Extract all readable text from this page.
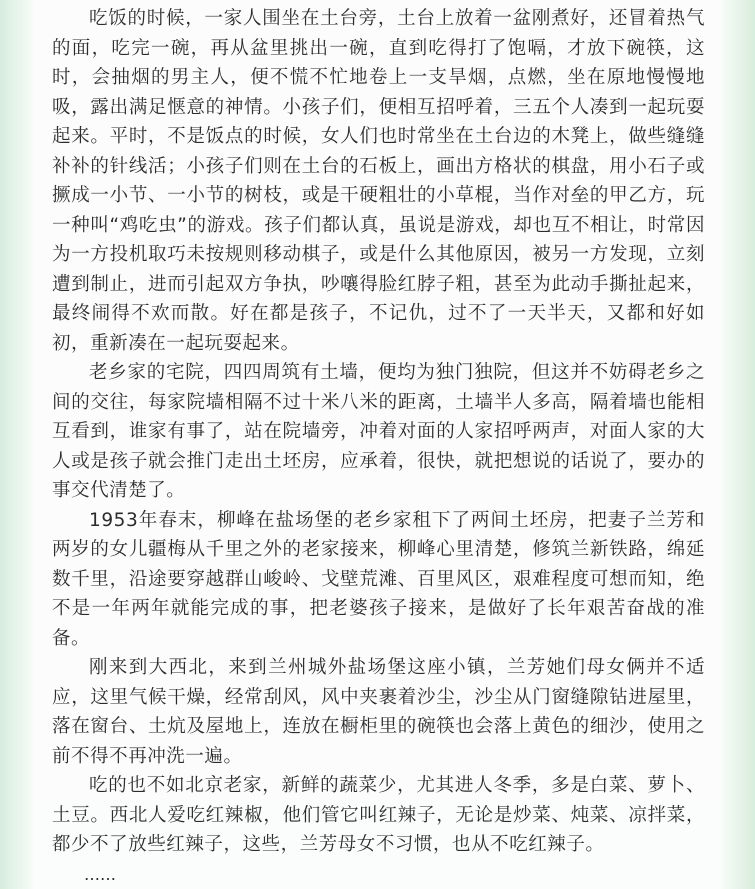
吃饭的时候，一家人围坐在土台旁，土台上放着一盆刚煮好，还冒着热气的面，吃完一碗，再从盆里挑出一碗，直到吃得打了饱嗝，才放下碗筷，这时，会抽烟的男主人，便不慌不忙地卷上一支旱烟，点燃，坐在原地慢慢地吸，露出满足惬意的神情。小孩子们，便相互招呼着，三五个人凑到一起玩耍起来。平时，不是饭点的时候，女人们也时常坐在土台边的木凳上，做些缝缝补补的针线活；小孩子们则在土台的石板上，画出方格状的棋盘，用小石子或撅成一小节、一小节的树枝，或是干硬粗壮的小草棍，当作对垒的甲乙方，玩一种叫“鸡吃虫”的游戏。孩子们都认真，虽说是游戏，却也互不相让，时常因为一方投机取巧未按规则移动棋子，或是什么其他原因，被另一方发现，立刻遭到制止，进而引起双方争执，吵嚷得脸红脖子粗，甚至为此动手撕扯起来，最终闹得不欢而散。好在都是孩子，不记仇，过不了一天半天，又都和好如初，重新凑在一起玩耍起来。

老乡家的宅院，四四周筑有土墙，便均为独门独院，但这并不妨碍老乡之间的交往，每家院墙相隔不过十米八米的距离，土墙半人多高，隔着墙也能相互看到，谁家有事了，站在院墙旁，冲着对面的人家招呼两声，对面人家的大人或是孩子就会推门走出土坯房，应承着，很快，就把想说的话说了，要办的事交代清楚了。

1953年春末，柳峰在盐场堡的老乡家租下了两间土坯房，把妻子兰芳和两岁的女儿疆梅从千里之外的老家接来，柳峰心里清楚，修筑兰新铁路，绵延数千里，沿途要穿越群山峻岭、戈壁荒滩、百里风区，艰难程度可想而知，绝不是一年两年就能完成的事，把老婆孩子接来，是做好了长年艰苦奋战的准备。

刚来到大西北，来到兰州城外盐场堡这座小镇，兰芳她们母女俩并不适应，这里气候干燥，经常刮风，风中夹裹着沙尘，沙尘从门窗缝隙钻进屋里，落在窗台、土炕及屋地上，连放在橱柜里的碗筷也会落上黄色的细沙，使用之前不得不再冲洗一遍。

吃的也不如北京老家，新鲜的蔬菜少，尤其进人冬季，多是白菜、萝卜、土豆。西北人爱吃红辣椒，他们管它叫红辣子，无论是炒菜、炖菜、凉拌菜，都少不了放些红辣子，这些，兰芳母女不习惯，也从不吃红辣子。

……
